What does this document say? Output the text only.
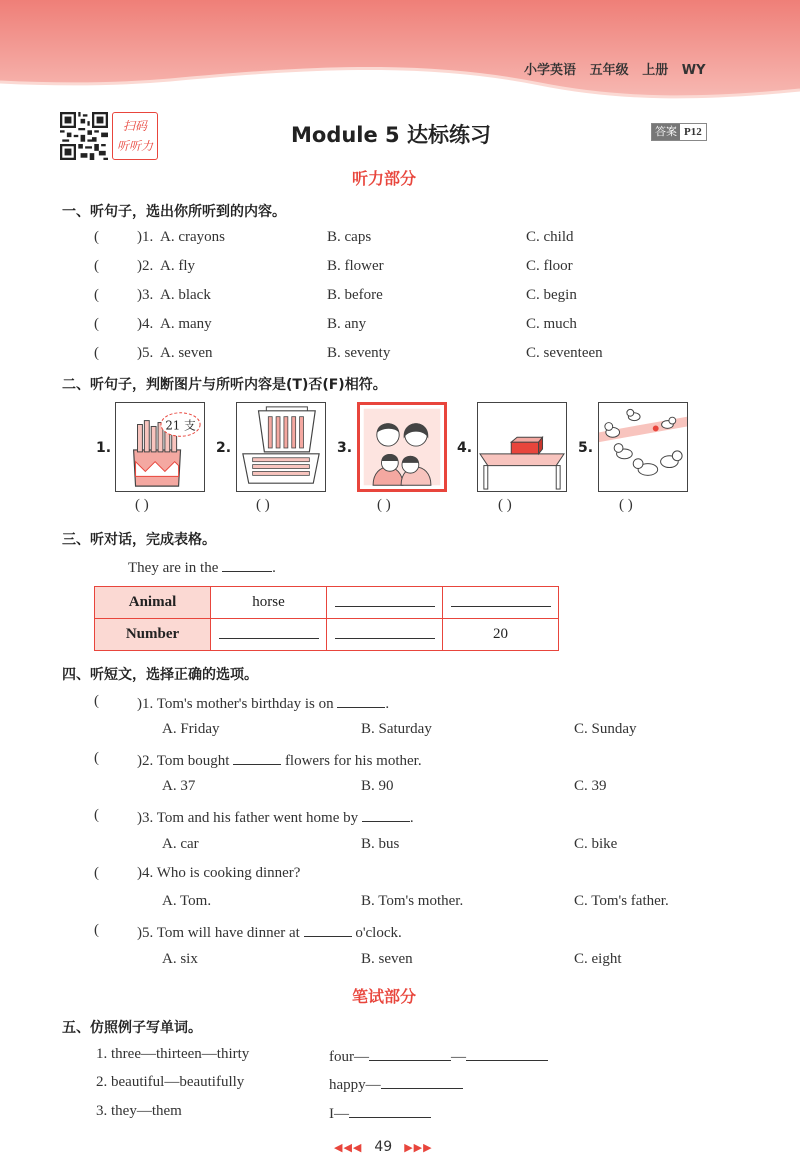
小学英语 五年级 上册 WY
扫码
听听力	Module 5 达标练习	答案 P12
听力部分
一、听句子，选出你所听到的内容。
(	)1. A. crayons	B. caps	C. child
(	)2. A. fly	B. flower	C. floor
(	)3. A. black	B. before	C. begin
(	)4. A. many	B. any	C. much
(	)5. A. seven	B. seventy	C. seventeen
二、听句子，判断图片与所听内容是(T)否(F)相符。
1.
21 支
( )
2.
( )
3.
( )
4.
( )
5.
( )
三、听对话，完成表格。
They are in the	.
Animal	horse		
Number			20
四、听短文，选择正确的选项。
(	)1. Tom's mother's birthday is on	.
A. Friday	B. Saturday	C. Sunday
(	)2. Tom bought	flowers for his mother.
A. 37	B. 90	C. 39
(	)3. Tom and his father went home by	.
A. car	B. bus	C. bike
(	)4. Who is cooking dinner?
A. Tom.	B. Tom's mother.	C. Tom's father.
(	)5. Tom will have dinner at	o'clock.
A. six	B. seven	C. eight
笔试部分
五、仿照例子写单词。
1. three—thirteen—thirty	four—	—
2. beautiful—beautifully	happy—
3. they—them	I—
◀◀◀ 49 ▶▶▶
